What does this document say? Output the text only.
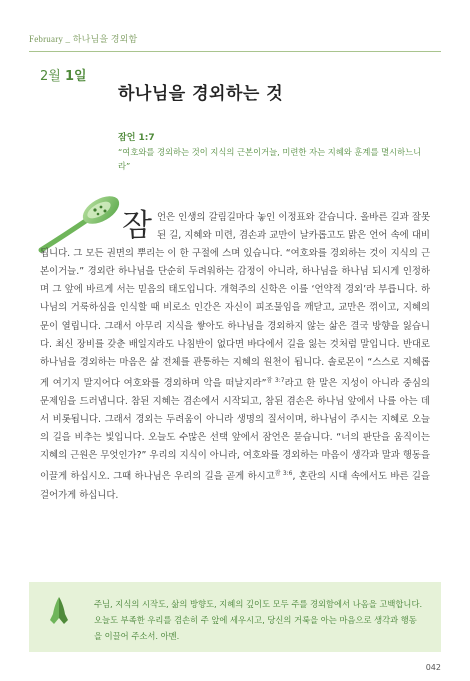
February _ 하나님을 경외함
2월 1일
하나님을 경외하는 것
잠언 1:7
“여호와를 경외하는 것이 지식의 근본이거늘, 미련한 자는 지혜와 훈계를 멸시하느니라”
잠 언은 인생의 갈림길마다 놓인 이정표와 같습니다. 올바른 길과 잘못된 길, 지혜와 미련, 겸손과 교만이 날카롭고도 맑은 언어 속에 대비됩니다. 그 모든 권면의 뿌리는 이 한 구절에 스며 있습니다. “여호와를 경외하는 것이 지식의 근본이거늘.” 경외란 하나님을 단순히 두려워하는 감정이 아니라, 하나님을 하나님 되시게 인정하며 그 앞에 바르게 서는 믿음의 태도입니다. 개혁주의 신학은 이를 ‘언약적 경외’라 부릅니다. 하나님의 거룩하심을 인식할 때 비로소 인간은 자신이 피조물임을 깨닫고, 교만은 꺾이고, 지혜의 문이 열립니다. 그래서 아무리 지식을 쌓아도 하나님을 경외하지 않는 삶은 결국 방향을 잃습니다. 최신 장비를 갖춘 배일지라도 나침반이 없다면 바다에서 길을 잃는 것처럼 말입니다. 반대로 하나님을 경외하는 마음은 삶 전체를 관통하는 지혜의 원천이 됩니다. 솔로몬이 “스스로 지혜롭게 여기지 말지어다 여호와를 경외하며 악을 떠날지라”$^{잠 3:7}$라고 한 말은 지성이 아니라 중심의 문제임을 드러냅니다. 참된 지혜는 겸손에서 시작되고, 참된 겸손은 하나님 앞에서 나를 아는 데서 비롯됩니다. 그래서 경외는 두려움이 아니라 생명의 질서이며, 하나님이 주시는 지혜로 오늘의 길을 비추는 빛입니다. 오늘도 수많은 선택 앞에서 잠언은 묻습니다. “너의 판단을 움직이는 지혜의 근원은 무엇인가?” 우리의 지식이 아니라, 여호와를 경외하는 마음이 생각과 말과 행동을 이끌게 하십시오. 그때 하나님은 우리의 길을 곧게 하시고$^{잠 3:6}$, 혼란의 시대 속에서도 바른 길을 걸어가게 하십니다.

주님, 지식의 시작도, 삶의 방향도, 지혜의 깊이도 모두 주를 경외함에서 나옴을 고백합니다. 오늘도 부족한 우리를 겸손히 주 앞에 세우시고, 당신의 거룩을 아는 마음으로 생각과 행동을 이끌어 주소서. 아멘.
042
